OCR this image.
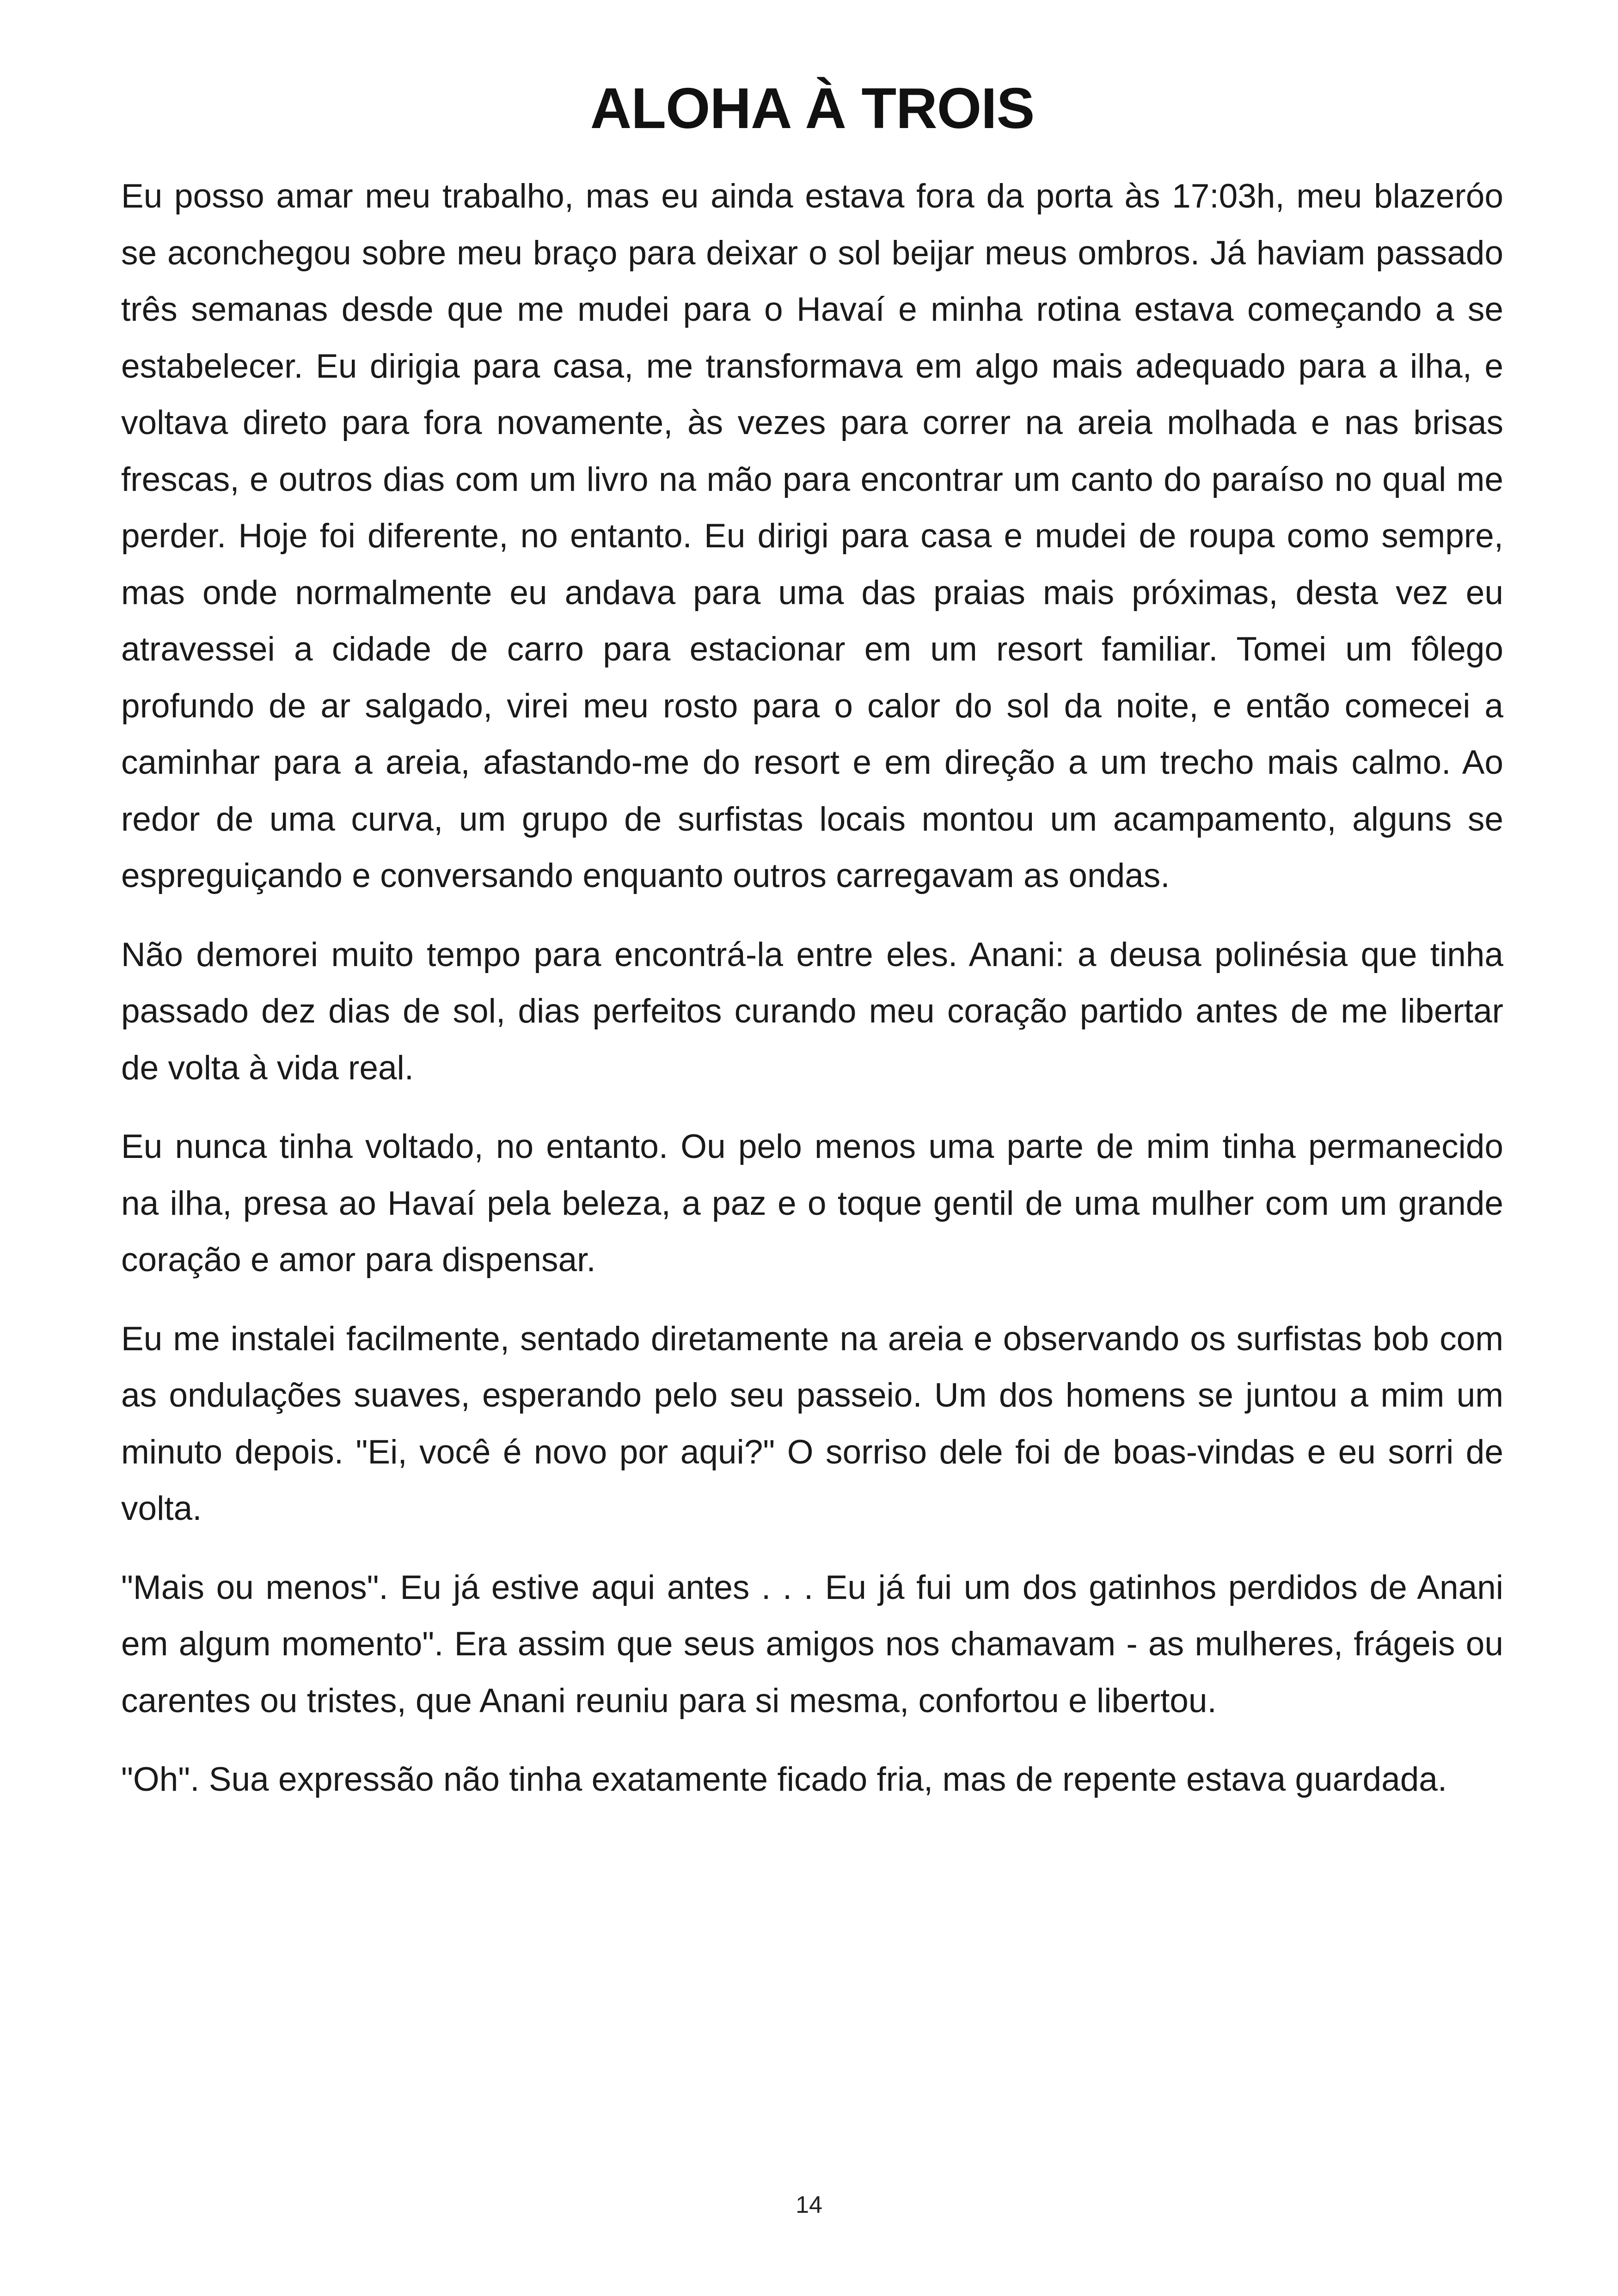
ALOHA À TROIS

Eu posso amar meu trabalho, mas eu ainda estava fora da porta às 17:03h, meu blazeróo se aconchegou sobre meu braço para deixar o sol beijar meus ombros. Já haviam passado três semanas desde que me mudei para o Havaí e minha rotina estava começando a se estabelecer. Eu dirigia para casa, me transformava em algo mais adequado para a ilha, e voltava direto para fora novamente, às vezes para correr na areia molhada e nas brisas frescas, e outros dias com um livro na mão para encontrar um canto do paraíso no qual me perder. Hoje foi diferente, no entanto. Eu dirigi para casa e mudei de roupa como sempre, mas onde normalmente eu andava para uma das praias mais próximas, desta vez eu atravessei a cidade de carro para estacionar em um resort familiar. Tomei um fôlego profundo de ar salgado, virei meu rosto para o calor do sol da noite, e então comecei a caminhar para a areia, afastando-me do resort e em direção a um trecho mais calmo. Ao redor de uma curva, um grupo de surfistas locais montou um acampamento, alguns se espreguiçando e conversando enquanto outros carregavam as ondas.

Não demorei muito tempo para encontrá-la entre eles. Anani: a deusa polinésia que tinha passado dez dias de sol, dias perfeitos curando meu coração partido antes de me libertar de volta à vida real.

Eu nunca tinha voltado, no entanto. Ou pelo menos uma parte de mim tinha permanecido na ilha, presa ao Havaí pela beleza, a paz e o toque gentil de uma mulher com um grande coração e amor para dispensar.

Eu me instalei facilmente, sentado diretamente na areia e observando os surfistas bob com as ondulações suaves, esperando pelo seu passeio. Um dos homens se juntou a mim um minuto depois. "Ei, você é novo por aqui?" O sorriso dele foi de boas-vindas e eu sorri de volta.

"Mais ou menos". Eu já estive aqui antes . . . Eu já fui um dos gatinhos perdidos de Anani em algum momento". Era assim que seus amigos nos chamavam - as mulheres, frágeis ou carentes ou tristes, que Anani reuniu para si mesma, confortou e libertou.

"Oh". Sua expressão não tinha exatamente ficado fria, mas de repente estava guardada.

14
